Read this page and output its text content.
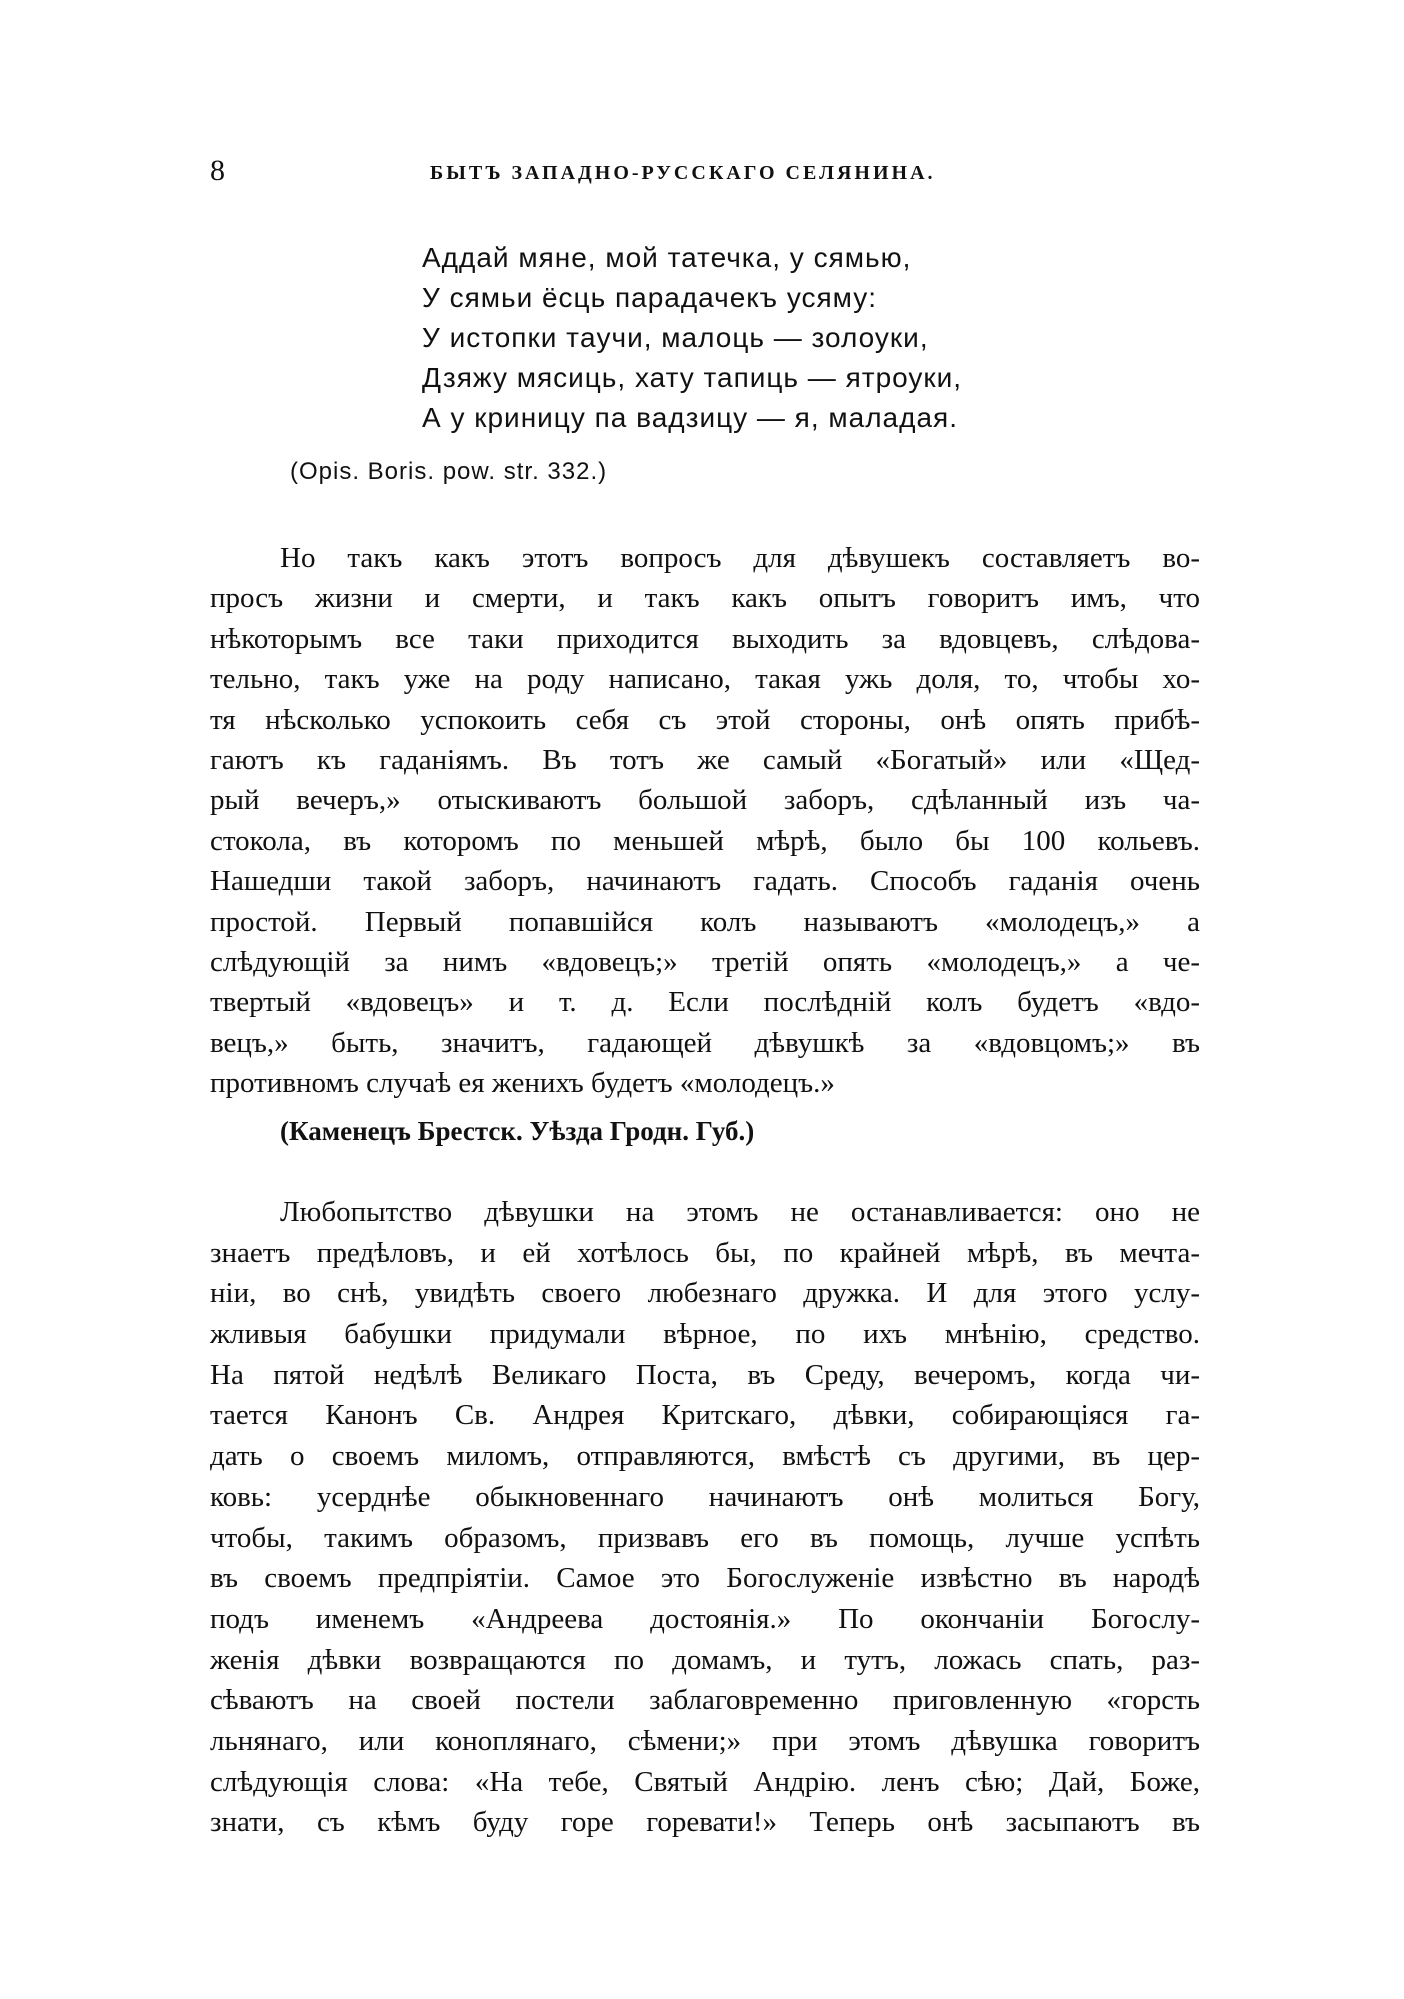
8	БЫТЪ ЗАПАДНО-РУССКАГО СЕЛЯНИНА.
Аддай мяне, мой татечка, у сямью,
У сямьи ёсць парадачекъ усяму:
У истопки тaучи, малоць — золоуки,
Дзяжу мясиць, хату тапиць — ятроуки,
А у криницу па вадзицу — я, маладая.
(Opis. Boris. pow. str. 332.)
Но такъ какъ этотъ вопросъ для дѣвушекъ составляетъ во-
просъ жизни и смерти, и такъ какъ опытъ говоритъ имъ, что
нѣкоторымъ все таки приходится выходить за вдовцевъ, слѣдова-
тельно, такъ уже на роду написано, такая ужь доля, то, чтобы хо-
тя нѣсколько успокоить себя съ этой стороны, онѣ опять прибѣ-
гаютъ къ гаданіямъ. Въ тотъ же самый «Богатый» или «Щед-
рый вечеръ,» отыскиваютъ большой заборъ, сдѣланный изъ ча-
стокола, въ которомъ по меньшей мѣрѣ, было бы 100 кольевъ.
Нашедши такой заборъ, начинаютъ гадать. Способъ гаданія очень
простой. Первый попавшійся колъ называютъ «молодецъ,» а
слѣдующій за нимъ «вдовецъ;» третій опять «молодецъ,» а че-
твертый «вдовецъ» и т. д. Если послѣдній колъ будетъ «вдо-
вецъ,» быть, значитъ, гадающей дѣвушкѣ за «вдовцомъ;» въ
противномъ случаѣ ея женихъ будетъ «молодецъ.»
(Каменецъ Брестск. Уѣзда Гродн. Губ.)
Любопытство дѣвушки на этомъ не останавливается: оно не
знаетъ предѣловъ, и ей хотѣлось бы, по крайней мѣрѣ, въ мечта-
ніи, во снѣ, увидѣть своего любезнаго дружка. И для этого услу-
жливыя бабушки придумали вѣрное, по ихъ мнѣнію, средство.
На пятой недѣлѣ Великаго Поста, въ Среду, вечеромъ, когда чи-
тается Канонъ Св. Андрея Критскаго, дѣвки, собирающіяся га-
дать о своемъ миломъ, отправляются, вмѣстѣ съ другими, въ цер-
ковь: усерднѣе обыкновеннаго начинаютъ онѣ молиться Богу,
чтобы, такимъ образомъ, призвавъ его въ помощь, лучше успѣть
въ своемъ предпріятіи. Самое это Богослуженіе извѣстно въ народѣ
подъ именемъ «Андреева достоянія.» По окончаніи Богослу-
женія дѣвки возвращаются по домамъ, и тутъ, ложась спать, раз-
сѣваютъ на своей постели заблаговременно приговленную «горсть
льнянаго, или коноплянаго, сѣмени;» при этомъ дѣвушка говоритъ
слѣдующія слова: «На тебе, Святый Андрію. ленъ сѣю; Дай, Боже,
знати, съ кѣмъ буду горе горевати!» Теперь онѣ засыпаютъ въ
